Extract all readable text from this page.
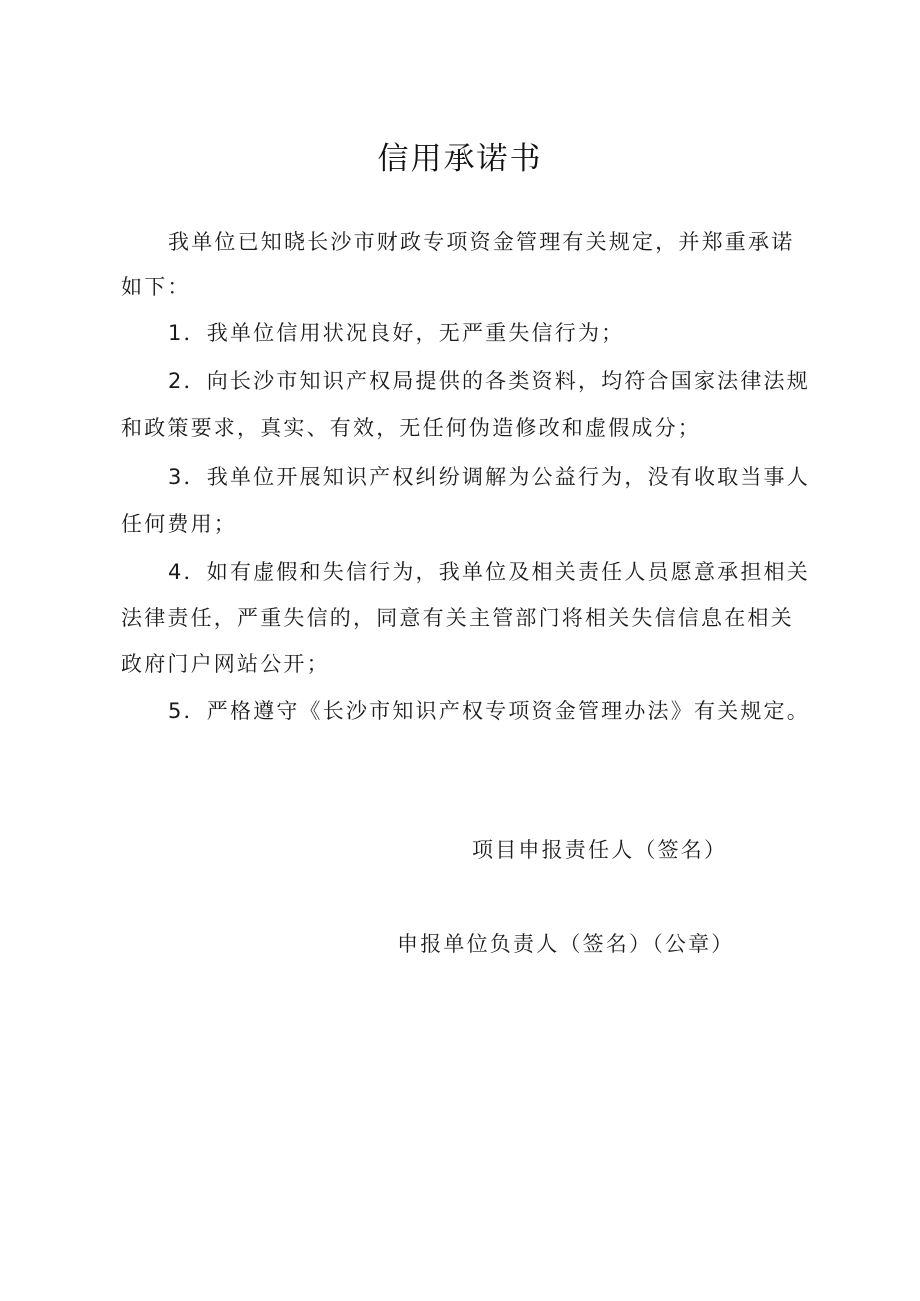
信用承诺书
我单位已知晓长沙市财政专项资金管理有关规定，并郑重承诺
如下：
1．我单位信用状况良好，无严重失信行为；
2．向长沙市知识产权局提供的各类资料，均符合国家法律法规
和政策要求，真实、有效，无任何伪造修改和虚假成分；
3．我单位开展知识产权纠纷调解为公益行为，没有收取当事人
任何费用；
4．如有虚假和失信行为，我单位及相关责任人员愿意承担相关
法律责任，严重失信的，同意有关主管部门将相关失信信息在相关
政府门户网站公开；
5．严格遵守《长沙市知识产权专项资金管理办法》有关规定。
项目申报责任人（签名）
申报单位负责人（签名）（公章）
